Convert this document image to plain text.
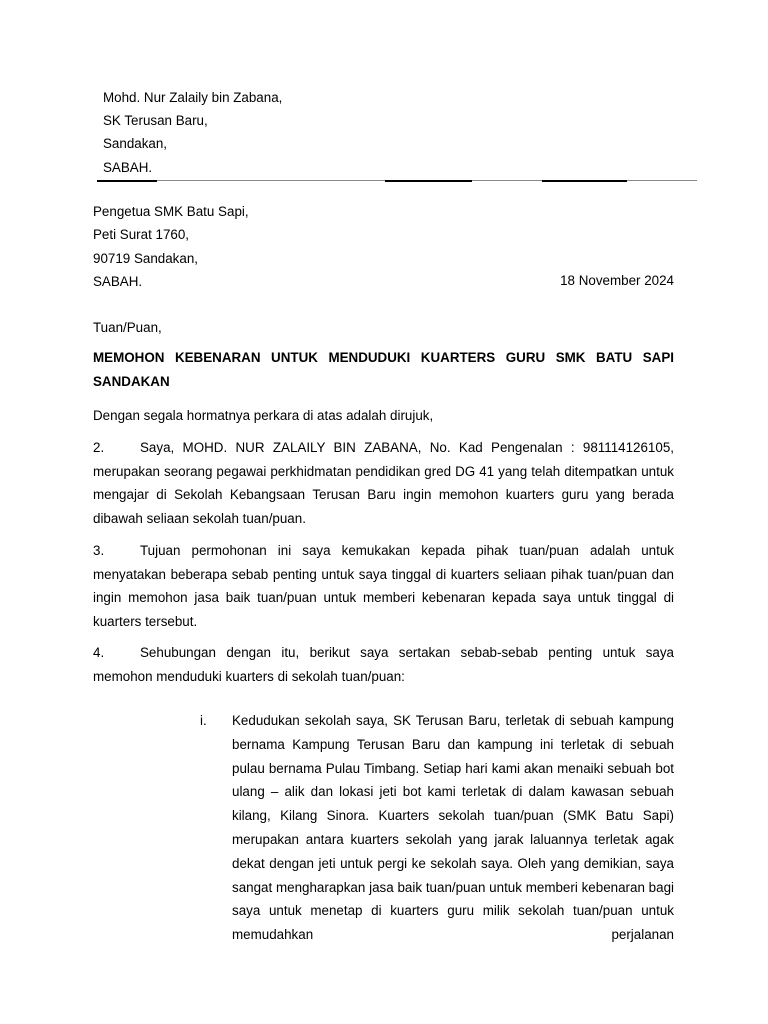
Mohd. Nur Zalaily bin Zabana,
SK Terusan Baru,
Sandakan,
SABAH.
Pengetua SMK Batu Sapi,
Peti Surat 1760,
90719 Sandakan,
SABAH.	18 November 2024
Tuan/Puan,
MEMOHON KEBENARAN UNTUK MENDUDUKI KUARTERS GURU SMK BATU SAPI SANDAKAN
Dengan segala hormatnya perkara di atas adalah dirujuk,
2.	Saya, MOHD. NUR ZALAILY BIN ZABANA, No. Kad Pengenalan : 981114126105, merupakan seorang pegawai perkhidmatan pendidikan gred DG 41 yang telah ditempatkan untuk mengajar di Sekolah Kebangsaan Terusan Baru ingin memohon kuarters guru yang berada dibawah seliaan sekolah tuan/puan.
3.	Tujuan permohonan ini saya kemukakan kepada pihak tuan/puan adalah untuk menyatakan beberapa sebab penting untuk saya tinggal di kuarters seliaan pihak tuan/puan dan ingin memohon jasa baik tuan/puan untuk memberi kebenaran kepada saya untuk tinggal di kuarters tersebut.
4.	Sehubungan dengan itu, berikut saya sertakan sebab-sebab penting untuk saya memohon menduduki kuarters di sekolah tuan/puan:
i. Kedudukan sekolah saya, SK Terusan Baru, terletak di sebuah kampung bernama Kampung Terusan Baru dan kampung ini terletak di sebuah pulau bernama Pulau Timbang. Setiap hari kami akan menaiki sebuah bot ulang – alik dan lokasi jeti bot kami terletak di dalam kawasan sebuah kilang, Kilang Sinora. Kuarters sekolah tuan/puan (SMK Batu Sapi) merupakan antara kuarters sekolah yang jarak laluannya terletak agak dekat dengan jeti untuk pergi ke sekolah saya. Oleh yang demikian, saya sangat mengharapkan jasa baik tuan/puan untuk memberi kebenaran bagi saya untuk menetap di kuarters guru milik sekolah tuan/puan untuk memudahkan perjalanan
